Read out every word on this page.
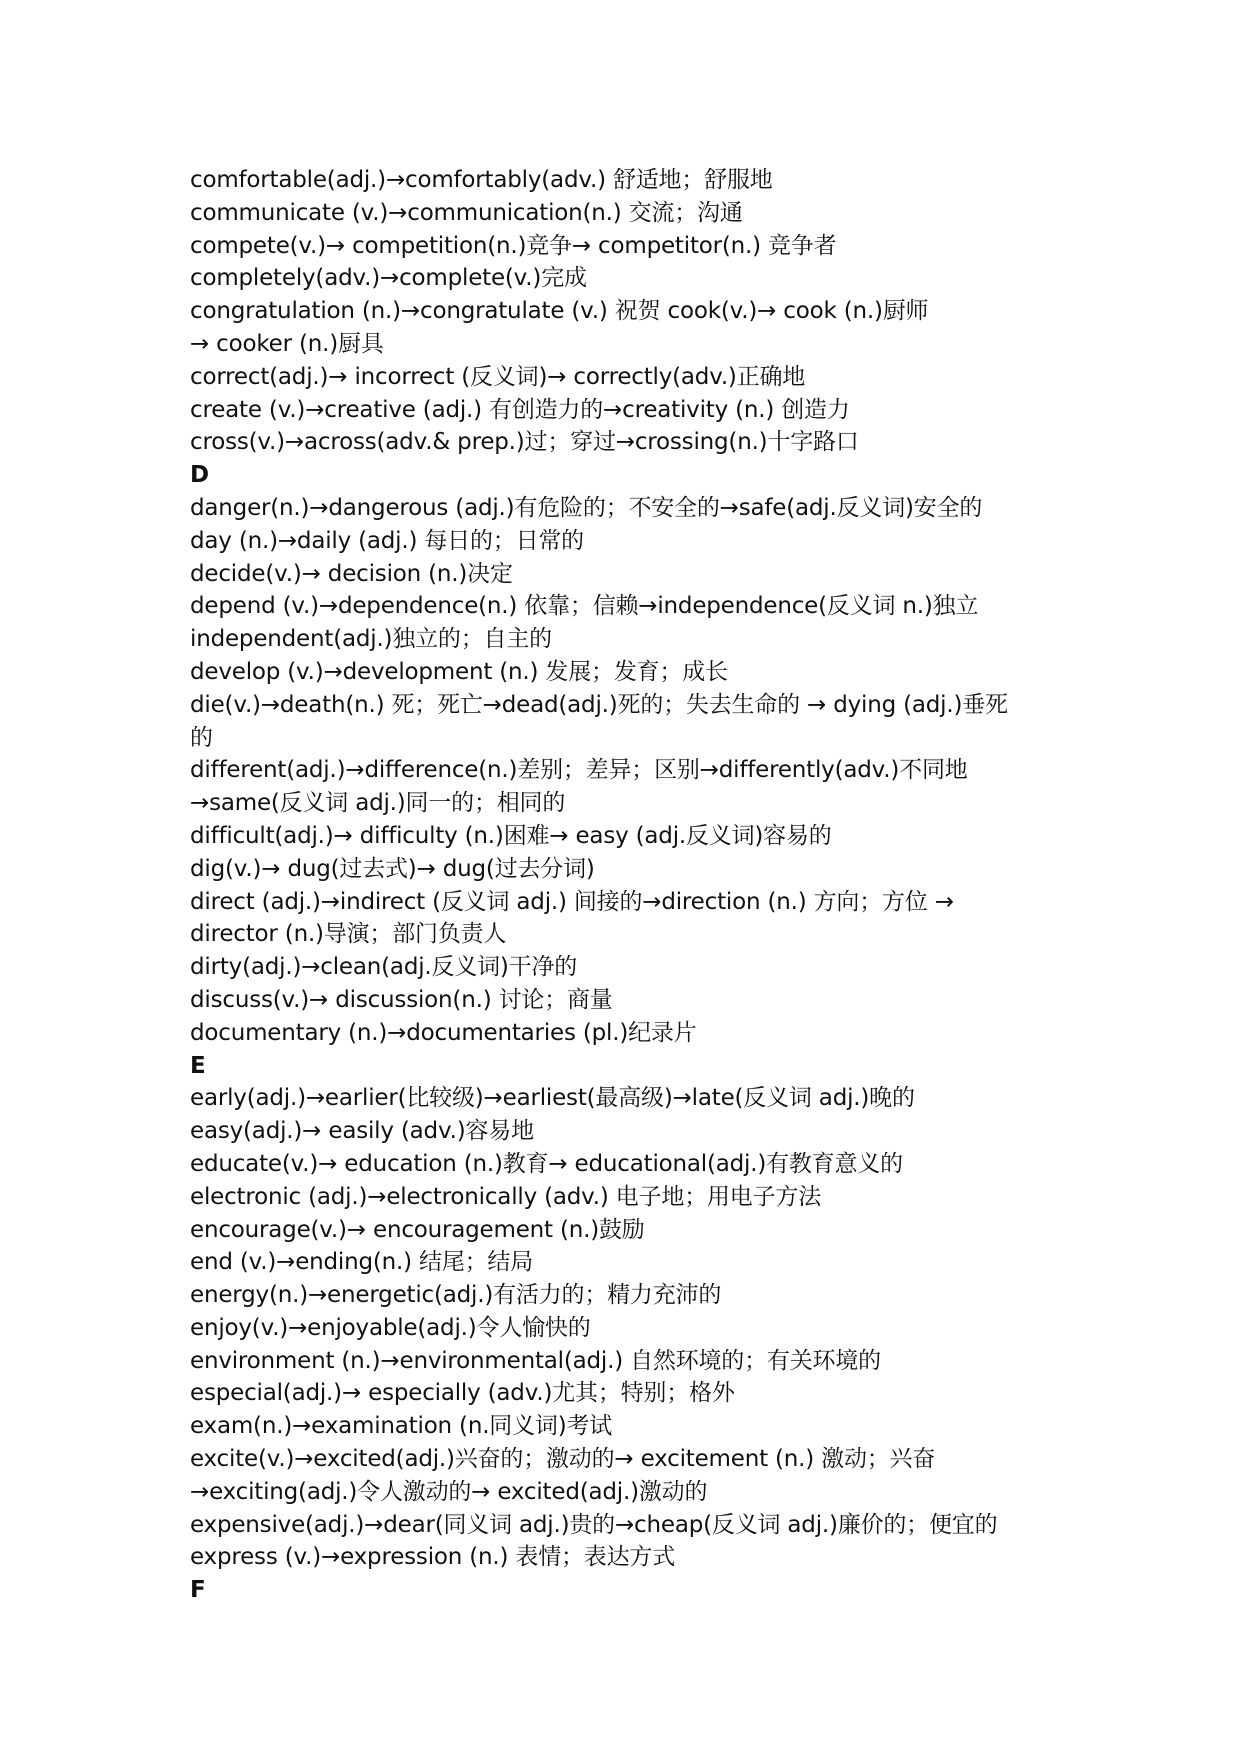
comfortable(adj.)→comfortably(adv.) 舒适地；舒服地
communicate (v.)→communication(n.) 交流；沟通
compete(v.)→ competition(n.)竞争→ competitor(n.) 竞争者
completely(adv.)→complete(v.)完成
congratulation (n.)→congratulate (v.) 祝贺 cook(v.)→ cook (n.)厨师
→ cooker (n.)厨具
correct(adj.)→ incorrect (反义词)→ correctly(adv.)正确地
create (v.)→creative (adj.) 有创造力的→creativity (n.) 创造力
cross(v.)→across(adv.& prep.)过；穿过→crossing(n.)十字路口
D
danger(n.)→dangerous (adj.)有危险的；不安全的→safe(adj.反义词)安全的
day (n.)→daily (adj.) 每日的；日常的
decide(v.)→ decision (n.)决定
depend (v.)→dependence(n.) 依靠；信赖→independence(反义词 n.)独立
independent(adj.)独立的；自主的
develop (v.)→development (n.) 发展；发育；成长
die(v.)→death(n.) 死；死亡→dead(adj.)死的；失去生命的 → dying (adj.)垂死
的
different(adj.)→difference(n.)差别；差异；区别→differently(adv.)不同地
→same(反义词 adj.)同一的；相同的
difficult(adj.)→ difficulty (n.)困难→ easy (adj.反义词)容易的
dig(v.)→ dug(过去式)→ dug(过去分词)
direct (adj.)→indirect (反义词 adj.) 间接的→direction (n.) 方向；方位 →
director (n.)导演；部门负责人
dirty(adj.)→clean(adj.反义词)干净的
discuss(v.)→ discussion(n.) 讨论；商量
documentary (n.)→documentaries (pl.)纪录片
E
early(adj.)→earlier(比较级)→earliest(最高级)→late(反义词 adj.)晚的
easy(adj.)→ easily (adv.)容易地
educate(v.)→ education (n.)教育→ educational(adj.)有教育意义的
electronic (adj.)→electronically (adv.) 电子地；用电子方法
encourage(v.)→ encouragement (n.)鼓励
end (v.)→ending(n.) 结尾；结局
energy(n.)→energetic(adj.)有活力的；精力充沛的
enjoy(v.)→enjoyable(adj.)令人愉快的
environment (n.)→environmental(adj.) 自然环境的；有关环境的
especial(adj.)→ especially (adv.)尤其；特别；格外
exam(n.)→examination (n.同义词)考试
excite(v.)→excited(adj.)兴奋的；激动的→ excitement (n.) 激动；兴奋
→exciting(adj.)令人激动的→ excited(adj.)激动的
expensive(adj.)→dear(同义词 adj.)贵的→cheap(反义词 adj.)廉价的；便宜的
express (v.)→expression (n.) 表情；表达方式
F
